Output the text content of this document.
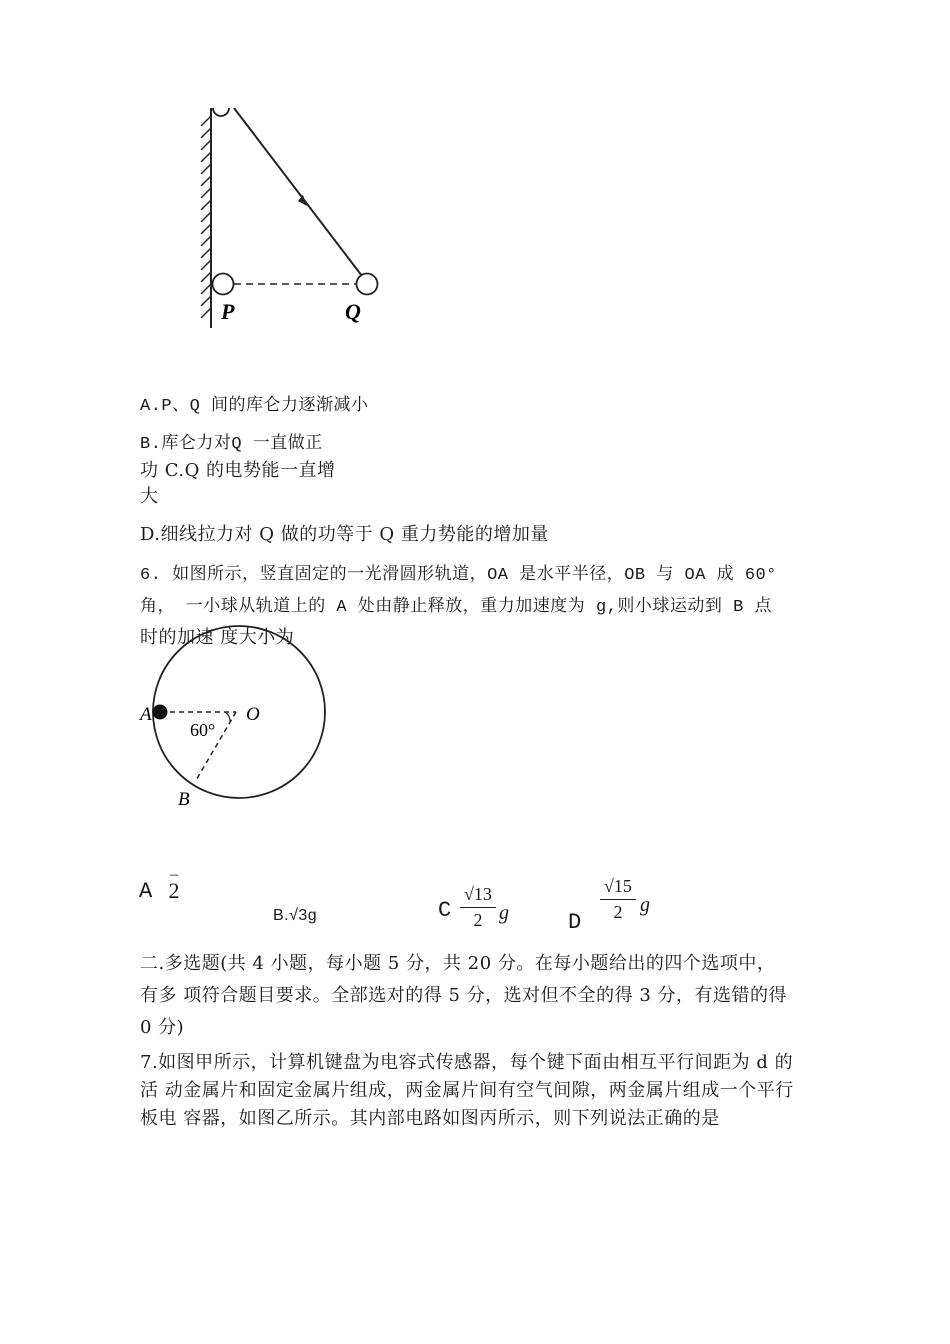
P	Q
A.P、Q 间的库仑力逐渐减小
B.库仑力对Q 一直做正
功 C.Q 的电势能一直增
大
D.细线拉力对 Q 做的功等于 Q 重力势能的增加量
6. 如图所示，竖直固定的一光滑圆形轨道，OA 是水平半径，OB 与 OA 成 60°
角， 一小球从轨道上的 A 处由静止释放，重力加速度为 g,则小球运动到 B 点
时的加速 度大小为
A	O
B
60°
A
–
2
B.√3g	C
√13
2 g	D
√15
2 g
二.多选题(共 4 小题，每小题 5 分，共 20 分。在每小题给出的四个选项中，
有多 项符合题目要求。全部选对的得 5 分，选对但不全的得 3 分，有选错的得
0 分)
7.如图甲所示，计算机键盘为电容式传感器，每个键下面由相互平行间距为 d 的
活 动金属片和固定金属片组成，两金属片间有空气间隙，两金属片组成一个平行
板电 容器，如图乙所示。其内部电路如图丙所示，则下列说法正确的是
